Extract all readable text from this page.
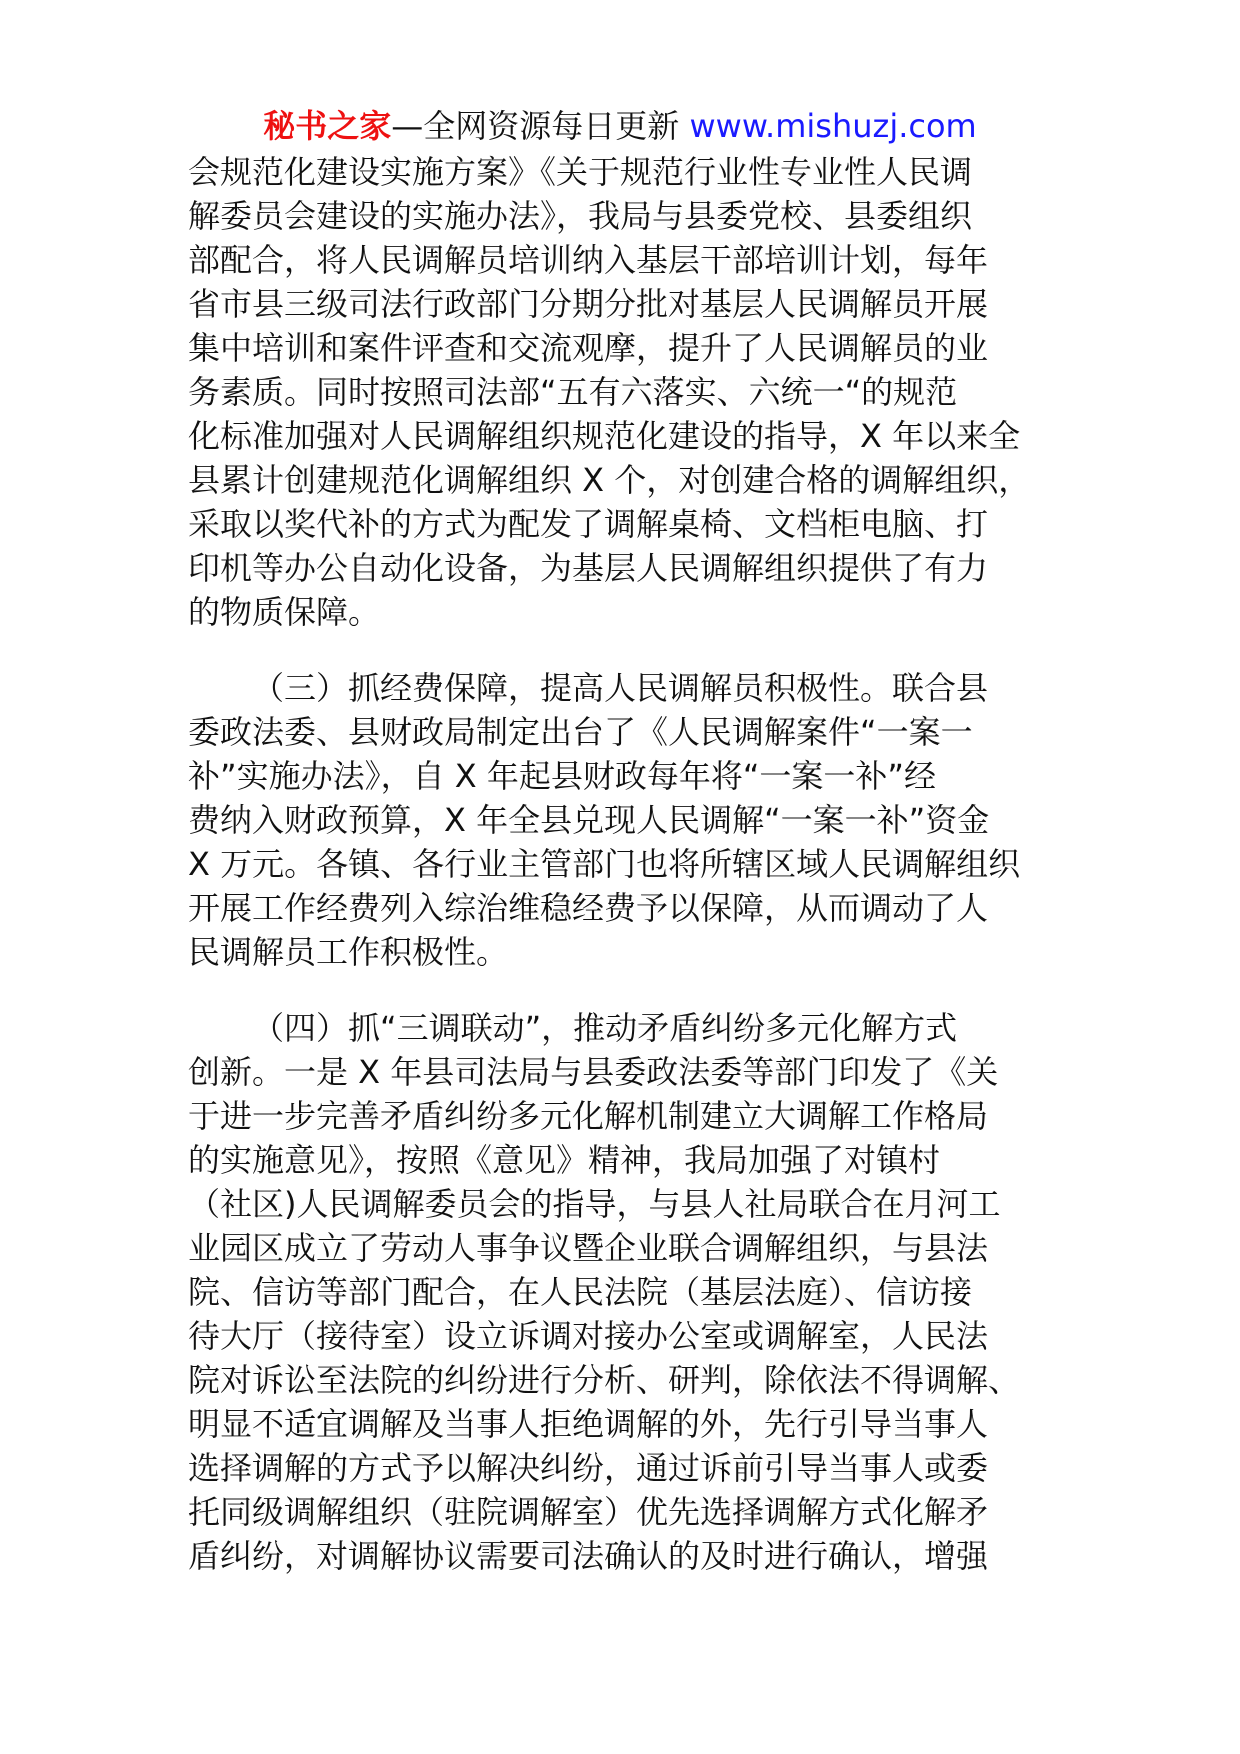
秘书之家—全网资源每日更新 www.mishuzj.com

会规范化建设实施方案》《关于规范行业性专业性人民调
解委员会建设的实施办法》，我局与县委党校、县委组织
部配合，将人民调解员培训纳入基层干部培训计划，每年
省市县三级司法行政部门分期分批对基层人民调解员开展
集中培训和案件评查和交流观摩，提升了人民调解员的业
务素质。同时按照司法部“五有六落实、六统一“的规范
化标准加强对人民调解组织规范化建设的指导，X 年以来全
县累计创建规范化调解组织 X 个，对创建合格的调解组织，
采取以奖代补的方式为配发了调解桌椅、文档柜电脑、打
印机等办公自动化设备，为基层人民调解组织提供了有力
的物质保障。

（三）抓经费保障，提高人民调解员积极性。联合县
委政法委、县财政局制定出台了《人民调解案件“一案一
补”实施办法》，自 X 年起县财政每年将“一案一补”经
费纳入财政预算，X 年全县兑现人民调解“一案一补”资金
X 万元。各镇、各行业主管部门也将所辖区域人民调解组织
开展工作经费列入综治维稳经费予以保障，从而调动了人
民调解员工作积极性。

（四）抓“三调联动”，推动矛盾纠纷多元化解方式
创新。一是 X 年县司法局与县委政法委等部门印发了《关
于进一步完善矛盾纠纷多元化解机制建立大调解工作格局
的实施意见》，按照《意见》精神，我局加强了对镇村
（社区)人民调解委员会的指导，与县人社局联合在月河工
业园区成立了劳动人事争议暨企业联合调解组织，与县法
院、信访等部门配合，在人民法院（基层法庭）、信访接
待大厅（接待室）设立诉调对接办公室或调解室，人民法
院对诉讼至法院的纠纷进行分析、研判，除依法不得调解、
明显不适宜调解及当事人拒绝调解的外，先行引导当事人
选择调解的方式予以解决纠纷，通过诉前引导当事人或委
托同级调解组织（驻院调解室）优先选择调解方式化解矛
盾纠纷，对调解协议需要司法确认的及时进行确认，增强
